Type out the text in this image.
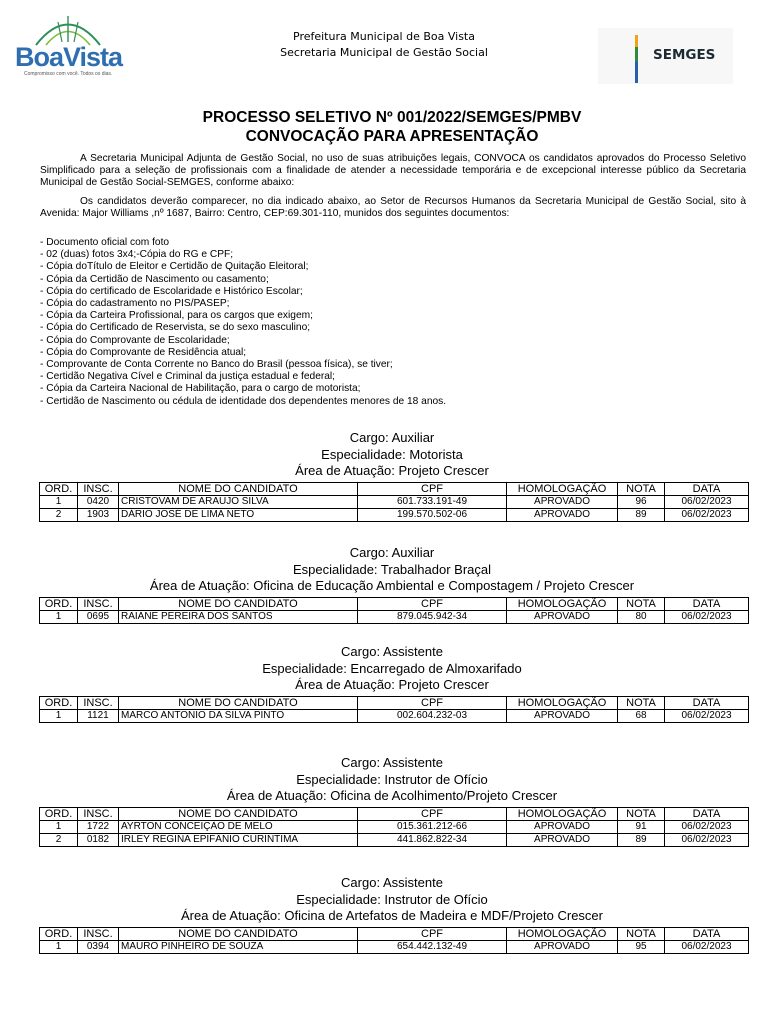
BoaVista
Compromisso com você. Todos os dias.
Prefeitura Municipal de Boa Vista
Secretaria Municipal de Gestão Social	SEMGES
PROCESSO SELETIVO Nº 001/2022/SEMGES/PMBV
CONVOCAÇÃO PARA APRESENTAÇÃO
A Secretaria Municipal Adjunta de Gestão Social, no uso de suas atribuições legais, CONVOCA os candidatos aprovados do Processo Seletivo Simplificado para a seleção de profissionais com a finalidade de atender a necessidade temporária e de excepcional interesse público da Secretaria Municipal de Gestão Social-SEMGES, conforme abaixo:
Os candidatos deverão comparecer, no dia indicado abaixo, ao Setor de Recursos Humanos da Secretaria Municipal de Gestão Social, sito à Avenida: Major Williams ,nº 1687, Bairro: Centro, CEP:69.301-110, munidos dos seguintes documentos:
- Documento oficial com foto
- 02 (duas) fotos 3x4;-Cópia do RG e CPF;
- Cópia doTítulo de Eleitor e Certidão de Quitação Eleitoral;
- Cópia da Certidão de Nascimento ou casamento;
- Cópia do certificado de Escolaridade e Histórico Escolar;
- Cópia do cadastramento no PIS/PASEP;
- Cópia da Carteira Profissional, para os cargos que exigem;
- Cópia do Certificado de Reservista, se do sexo masculino;
- Cópia do Comprovante de Escolaridade;
- Cópia do Comprovante de Residência atual;
- Comprovante de Conta Corrente no Banco do Brasil (pessoa física), se tiver;
- Certidão Negativa Cível e Criminal da justiça estadual e federal;
- Cópia da Carteira Nacional de Habilitação, para o cargo de motorista;
- Certidão de Nascimento ou cédula de identidade dos dependentes menores de 18 anos.
Cargo: Auxiliar
Especialidade: Motorista
Área de Atuação: Projeto Crescer
ORD.	INSC.	NOME DO CANDIDATO	CPF	HOMOLOGAÇÃO	NOTA	DATA
1	0420	CRISTOVAM DE ARAUJO SILVA	601.733.191-49	APROVADO	96	06/02/2023
2	1903	DÁRIO JOSÉ DE LIMA NETO	199.570.502-06	APROVADO	89	06/02/2023
Cargo: Auxiliar
Especialidade: Trabalhador Braçal
Área de Atuação: Oficina de Educação Ambiental e Compostagem / Projeto Crescer
ORD.	INSC.	NOME DO CANDIDATO	CPF	HOMOLOGAÇÃO	NOTA	DATA
1	0695	RAIANE PEREIRA DOS SANTOS	879.045.942-34	APROVADO	80	06/02/2023
Cargo: Assistente
Especialidade: Encarregado de Almoxarifado
Área de Atuação: Projeto Crescer
ORD.	INSC.	NOME DO CANDIDATO	CPF	HOMOLOGAÇÃO	NOTA	DATA
1	1121	MARCO ANTONIO DA SILVA PINTO	002.604.232-03	APROVADO	68	06/02/2023
Cargo: Assistente
Especialidade: Instrutor de Ofício
Área de Atuação: Oficina de Acolhimento/Projeto Crescer
ORD.	INSC.	NOME DO CANDIDATO	CPF	HOMOLOGAÇÃO	NOTA	DATA
1	1722	AYRTON CONCEIÇÃO DE MELO	015.361.212-66	APROVADO	91	06/02/2023
2	0182	IRLEY REGINA EPIFÂNIO CURINTIMA	441.862.822-34	APROVADO	89	06/02/2023
Cargo: Assistente
Especialidade: Instrutor de Ofício
Área de Atuação: Oficina de Artefatos de Madeira e MDF/Projeto Crescer
ORD.	INSC.	NOME DO CANDIDATO	CPF	HOMOLOGAÇÃO	NOTA	DATA
1	0394	MAURO PINHEIRO DE SOUZA	654.442.132-49	APROVADO	95	06/02/2023
